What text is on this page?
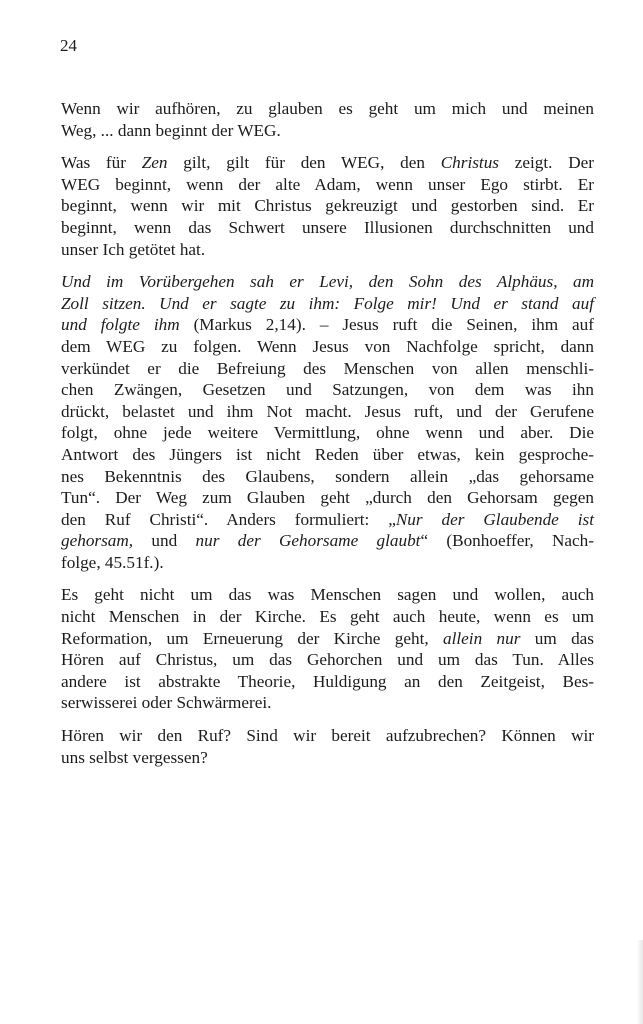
24

Wenn wir aufhören, zu glauben es geht um mich und meinen
Weg, ... dann beginnt der WEG.

Was für Zen gilt, gilt für den WEG, den Christus zeigt. Der
WEG beginnt, wenn der alte Adam, wenn unser Ego stirbt. Er
beginnt, wenn wir mit Christus gekreuzigt und gestorben sind. Er
beginnt, wenn das Schwert unsere Illusionen durchschnitten und
unser Ich getötet hat.

Und im Vorübergehen sah er Levi, den Sohn des Alphäus, am
Zoll sitzen. Und er sagte zu ihm: Folge mir! Und er stand auf
und folgte ihm (Markus 2,14). – Jesus ruft die Seinen, ihm auf
dem WEG zu folgen. Wenn Jesus von Nachfolge spricht, dann
verkündet er die Befreiung des Menschen von allen menschli-
chen Zwängen, Gesetzen und Satzungen, von dem was ihn
drückt, belastet und ihm Not macht. Jesus ruft, und der Gerufene
folgt, ohne jede weitere Vermittlung, ohne wenn und aber. Die
Antwort des Jüngers ist nicht Reden über etwas, kein gesproche-
nes Bekenntnis des Glaubens, sondern allein „das gehorsame
Tun“. Der Weg zum Glauben geht „durch den Gehorsam gegen
den Ruf Christi“. Anders formuliert: „Nur der Glaubende ist
gehorsam, und nur der Gehorsame glaubt“ (Bonhoeffer, Nach-
folge, 45.51f.).

Es geht nicht um das was Menschen sagen und wollen, auch
nicht Menschen in der Kirche. Es geht auch heute, wenn es um
Reformation, um Erneuerung der Kirche geht, allein nur um das
Hören auf Christus, um das Gehorchen und um das Tun. Alles
andere ist abstrakte Theorie, Huldigung an den Zeitgeist, Bes-
serwisserei oder Schwärmerei.

Hören wir den Ruf? Sind wir bereit aufzubrechen? Können wir
uns selbst vergessen?
